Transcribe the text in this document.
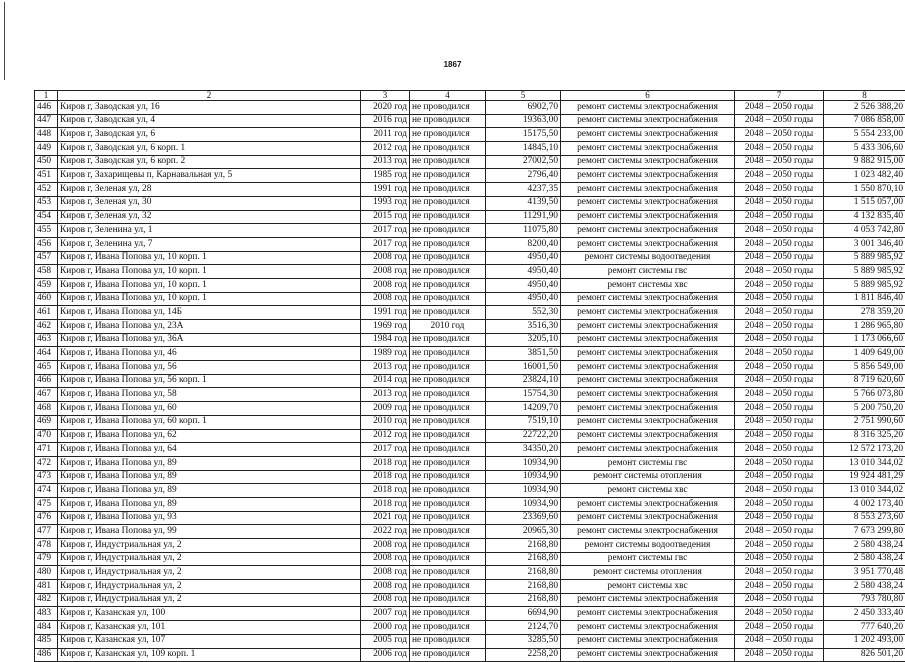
1867
1	2	3	4	5	6	7	8
446	Киров г, Заводская ул, 16	2020 год	не проводился	6902,70	ремонт системы электроснабжения	2048 – 2050 годы	2 526 388,20
447	Киров г, Заводская ул, 4	2016 год	не проводился	19363,00	ремонт системы электроснабжения	2048 – 2050 годы	7 086 858,00
448	Киров г, Заводская ул, 6	2011 год	не проводился	15175,50	ремонт системы электроснабжения	2048 – 2050 годы	5 554 233,00
449	Киров г, Заводская ул, 6 корп. 1	2012 год	не проводился	14845,10	ремонт системы электроснабжения	2048 – 2050 годы	5 433 306,60
450	Киров г, Заводская ул, 6 корп. 2	2013 год	не проводился	27002,50	ремонт системы электроснабжения	2048 – 2050 годы	9 882 915,00
451	Киров г, Захарищевы п, Карнавальная ул, 5	1985 год	не проводился	2796,40	ремонт системы электроснабжения	2048 – 2050 годы	1 023 482,40
452	Киров г, Зеленая ул, 28	1991 год	не проводился	4237,35	ремонт системы электроснабжения	2048 – 2050 годы	1 550 870,10
453	Киров г, Зеленая ул, 30	1993 год	не проводился	4139,50	ремонт системы электроснабжения	2048 – 2050 годы	1 515 057,00
454	Киров г, Зеленая ул, 32	2015 год	не проводился	11291,90	ремонт системы электроснабжения	2048 – 2050 годы	4 132 835,40
455	Киров г, Зеленина ул, 1	2017 год	не проводился	11075,80	ремонт системы электроснабжения	2048 – 2050 годы	4 053 742,80
456	Киров г, Зеленина ул, 7	2017 год	не проводился	8200,40	ремонт системы электроснабжения	2048 – 2050 годы	3 001 346,40
457	Киров г, Ивана Попова ул, 10 корп. 1	2008 год	не проводился	4950,40	ремонт системы водоотведения	2048 – 2050 годы	5 889 985,92
458	Киров г, Ивана Попова ул, 10 корп. 1	2008 год	не проводился	4950,40	ремонт системы гвс	2048 – 2050 годы	5 889 985,92
459	Киров г, Ивана Попова ул, 10 корп. 1	2008 год	не проводился	4950,40	ремонт системы хвс	2048 – 2050 годы	5 889 985,92
460	Киров г, Ивана Попова ул, 10 корп. 1	2008 год	не проводился	4950,40	ремонт системы электроснабжения	2048 – 2050 годы	1 811 846,40
461	Киров г, Ивана Попова ул, 14Б	1991 год	не проводился	552,30	ремонт системы электроснабжения	2048 – 2050 годы	278 359,20
462	Киров г, Ивана Попова ул, 23А	1969 год	2010 год	3516,30	ремонт системы электроснабжения	2048 – 2050 годы	1 286 965,80
463	Киров г, Ивана Попова ул, 36А	1984 год	не проводился	3205,10	ремонт системы электроснабжения	2048 – 2050 годы	1 173 066,60
464	Киров г, Ивана Попова ул, 46	1989 год	не проводился	3851,50	ремонт системы электроснабжения	2048 – 2050 годы	1 409 649,00
465	Киров г, Ивана Попова ул, 56	2013 год	не проводился	16001,50	ремонт системы электроснабжения	2048 – 2050 годы	5 856 549,00
466	Киров г, Ивана Попова ул, 56 корп. 1	2014 год	не проводился	23824,10	ремонт системы электроснабжения	2048 – 2050 годы	8 719 620,60
467	Киров г, Ивана Попова ул, 58	2013 год	не проводился	15754,30	ремонт системы электроснабжения	2048 – 2050 годы	5 766 073,80
468	Киров г, Ивана Попова ул, 60	2009 год	не проводился	14209,70	ремонт системы электроснабжения	2048 – 2050 годы	5 200 750,20
469	Киров г, Ивана Попова ул, 60 корп. 1	2010 год	не проводился	7519,10	ремонт системы электроснабжения	2048 – 2050 годы	2 751 990,60
470	Киров г, Ивана Попова ул, 62	2012 год	не проводился	22722,20	ремонт системы электроснабжения	2048 – 2050 годы	8 316 325,20
471	Киров г, Ивана Попова ул, 64	2017 год	не проводился	34350,20	ремонт системы электроснабжения	2048 – 2050 годы	12 572 173,20
472	Киров г, Ивана Попова ул, 89	2018 год	не проводился	10934,90	ремонт системы гвс	2048 – 2050 годы	13 010 344,02
473	Киров г, Ивана Попова ул, 89	2018 год	не проводился	10934,90	ремонт системы отопления	2048 – 2050 годы	19 924 481,29
474	Киров г, Ивана Попова ул, 89	2018 год	не проводился	10934,90	ремонт системы хвс	2048 – 2050 годы	13 010 344,02
475	Киров г, Ивана Попова ул, 89	2018 год	не проводился	10934,90	ремонт системы электроснабжения	2048 – 2050 годы	4 002 173,40
476	Киров г, Ивана Попова ул, 93	2021 год	не проводился	23369,60	ремонт системы электроснабжения	2048 – 2050 годы	8 553 273,60
477	Киров г, Ивана Попова ул, 99	2022 год	не проводился	20965,30	ремонт системы электроснабжения	2048 – 2050 годы	7 673 299,80
478	Киров г, Индустриальная ул, 2	2008 год	не проводился	2168,80	ремонт системы водоотведения	2048 – 2050 годы	2 580 438,24
479	Киров г, Индустриальная ул, 2	2008 год	не проводился	2168,80	ремонт системы гвс	2048 – 2050 годы	2 580 438,24
480	Киров г, Индустриальная ул, 2	2008 год	не проводился	2168,80	ремонт системы отопления	2048 – 2050 годы	3 951 770,48
481	Киров г, Индустриальная ул, 2	2008 год	не проводился	2168,80	ремонт системы хвс	2048 – 2050 годы	2 580 438,24
482	Киров г, Индустриальная ул, 2	2008 год	не проводился	2168,80	ремонт системы электроснабжения	2048 – 2050 годы	793 780,80
483	Киров г, Казанская ул, 100	2007 год	не проводился	6694,90	ремонт системы электроснабжения	2048 – 2050 годы	2 450 333,40
484	Киров г, Казанская ул, 101	2000 год	не проводился	2124,70	ремонт системы электроснабжения	2048 – 2050 годы	777 640,20
485	Киров г, Казанская ул, 107	2005 год	не проводился	3285,50	ремонт системы электроснабжения	2048 – 2050 годы	1 202 493,00
486	Киров г, Казанская ул, 109 корп. 1	2006 год	не проводился	2258,20	ремонт системы электроснабжения	2048 – 2050 годы	826 501,20
